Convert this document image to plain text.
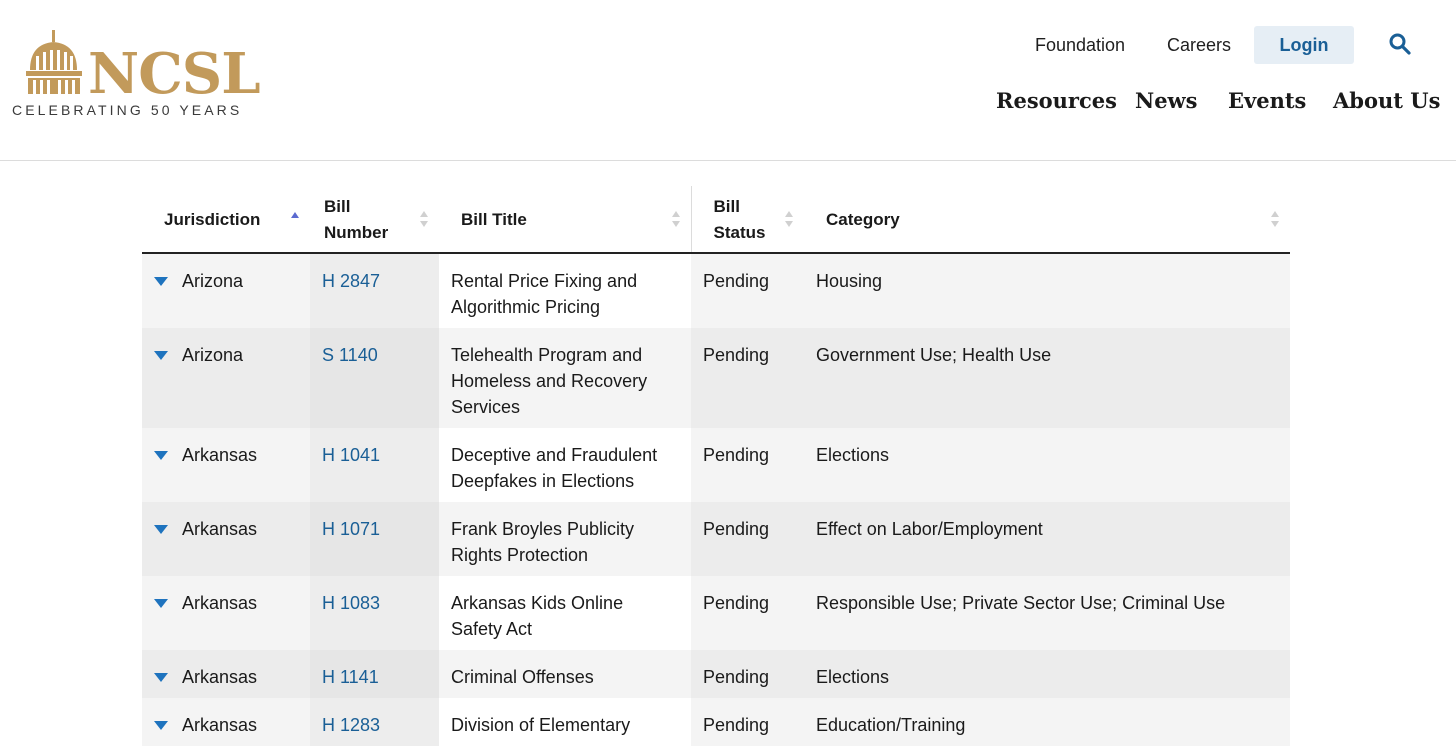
NCSL
CELEBRATING 50 YEARS
Foundation Careers	Login
Resources News Events About Us
Jurisdiction	Bill Number	Bill Title	Bill Status	Category

Arizona	H 2847	Rental Price Fixing and Algorithmic Pricing	Pending	Housing

Arizona	S 1140	Telehealth Program and Homeless and Recovery Services	Pending	Government Use; Health Use

Arkansas	H 1041	Deceptive and Fraudulent Deepfakes in Elections	Pending	Elections

Arkansas	H 1071	Frank Broyles Publicity Rights Protection	Pending	Effect on Labor/Employment

Arkansas	H 1083	Arkansas Kids Online Safety Act	Pending	Responsible Use; Private Sector Use; Criminal Use

Arkansas	H 1141	Criminal Offenses	Pending	Elections

Arkansas	H 1283	Division of Elementary	Pending	Education/Training
